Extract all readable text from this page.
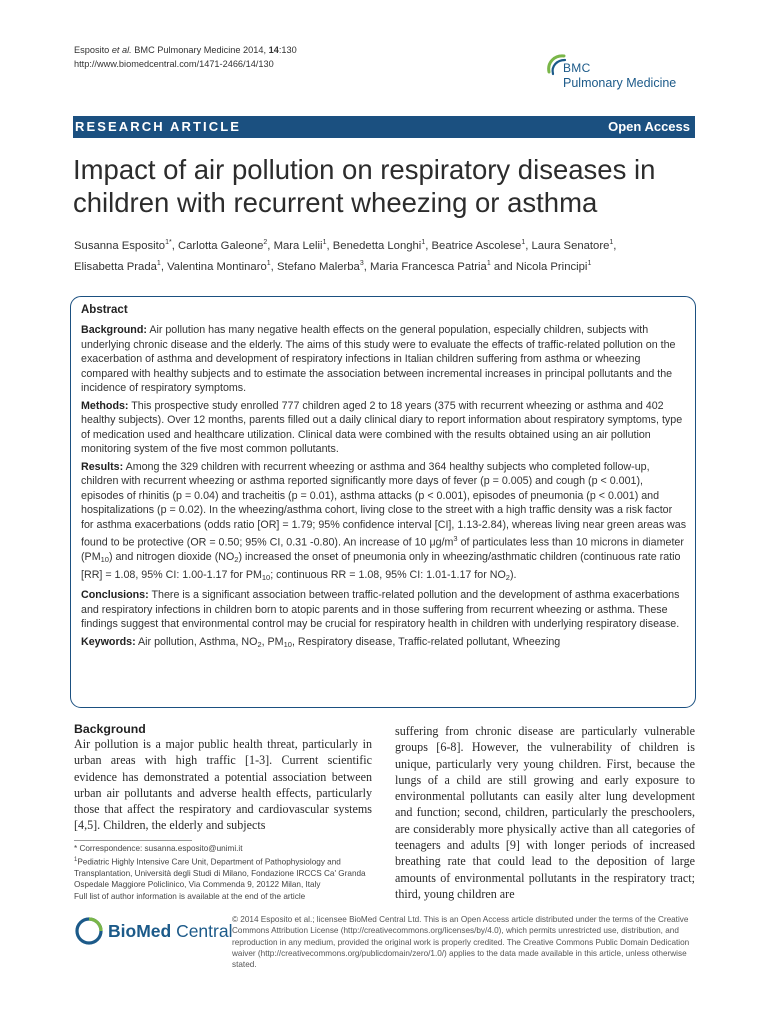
Esposito et al. BMC Pulmonary Medicine 2014, 14:130
http://www.biomedcentral.com/1471-2466/14/130	BMC
Pulmonary Medicine
RESEARCH ARTICLE	Open Access
Impact of air pollution on respiratory diseases in children with recurrent wheezing or asthma
Susanna Esposito$^{1*}$, Carlotta Galeone$^2$, Mara Lelii$^1$, Benedetta Longhi$^1$, Beatrice Ascolese$^1$, Laura Senatore$^1$,
Elisabetta Prada$^1$, Valentina Montinaro$^1$, Stefano Malerba$^3$, Maria Francesca Patria$^1$ and Nicola Principi$^1$
Abstract

Background: Air pollution has many negative health effects on the general population, especially children, subjects with underlying chronic disease and the elderly. The aims of this study were to evaluate the effects of traffic-related pollution on the exacerbation of asthma and development of respiratory infections in Italian children suffering from asthma or wheezing compared with healthy subjects and to estimate the association between incremental increases in principal pollutants and the incidence of respiratory symptoms.

Methods: This prospective study enrolled 777 children aged 2 to 18 years (375 with recurrent wheezing or asthma and 402 healthy subjects). Over 12 months, parents filled out a daily clinical diary to report information about respiratory symptoms, type of medication used and healthcare utilization. Clinical data were combined with the results obtained using an air pollution monitoring system of the five most common pollutants.

Results: Among the 329 children with recurrent wheezing or asthma and 364 healthy subjects who completed follow-up, children with recurrent wheezing or asthma reported significantly more days of fever (p = 0.005) and cough (p < 0.001), episodes of rhinitis (p = 0.04) and tracheitis (p = 0.01), asthma attacks (p < 0.001), episodes of pneumonia (p < 0.001) and hospitalizations (p = 0.02). In the wheezing/asthma cohort, living close to the street with a high traffic density was a risk factor for asthma exacerbations (odds ratio [OR] = 1.79; 95% confidence interval [CI], 1.13-2.84), whereas living near green areas was found to be protective (OR = 0.50; 95% CI, 0.31 -0.80). An increase of 10 $\mu g/m^3$ of particulates less than 10 microns in diameter $(PM_{10})$ and nitrogen dioxide $(NO_2)$ increased the onset of pneumonia only in wheezing/asthmatic children (continuous rate ratio [RR] = 1.08, 95% CI: 1.00-1.17 for $PM_{10}$; continuous RR = 1.08, 95% CI: 1.01-1.17 for $NO_2$).

Conclusions: There is a significant association between traffic-related pollution and the development of asthma exacerbations and respiratory infections in children born to atopic parents and in those suffering from recurrent wheezing or asthma. These findings suggest that environmental control may be crucial for respiratory health in children with underlying respiratory disease.

Keywords: Air pollution, Asthma, $NO_2$, $PM_{10}$, Respiratory disease, Traffic-related pollutant, Wheezing

Background

Air pollution is a major public health threat, particularly in urban areas with high traffic [1-3]. Current scientific evidence has demonstrated a potential association between urban air pollutants and adverse health effects, particularly those that affect the respiratory and cardiovascular systems [4,5]. Children, the elderly and subjects

suffering from chronic disease are particularly vulnerable groups [6-8]. However, the vulnerability of children is unique, particularly very young children. First, because the lungs of a child are still growing and early exposure to environmental pollutants can easily alter lung development and function; second, children, particularly the preschoolers, are considerably more physically active than all categories of teenagers and adults [9] with longer periods of increased breathing rate that could lead to the deposition of large amounts of environmental pollutants in the respiratory tract; third, young children are

* Correspondence: susanna.esposito@unimi.it
$^1$Pediatric Highly Intensive Care Unit, Department of Pathophysiology and Transplantation, Università degli Studi di Milano, Fondazione IRCCS Ca' Granda Ospedale Maggiore Policlinico, Via Commenda 9, 20122 Milan, Italy
Full list of author information is available at the end of the article
BioMed Central
© 2014 Esposito et al.; licensee BioMed Central Ltd. This is an Open Access article distributed under the terms of the Creative Commons Attribution License (http://creativecommons.org/licenses/by/4.0), which permits unrestricted use, distribution, and reproduction in any medium, provided the original work is properly credited. The Creative Commons Public Domain Dedication waiver (http://creativecommons.org/publicdomain/zero/1.0/) applies to the data made available in this article, unless otherwise stated.
